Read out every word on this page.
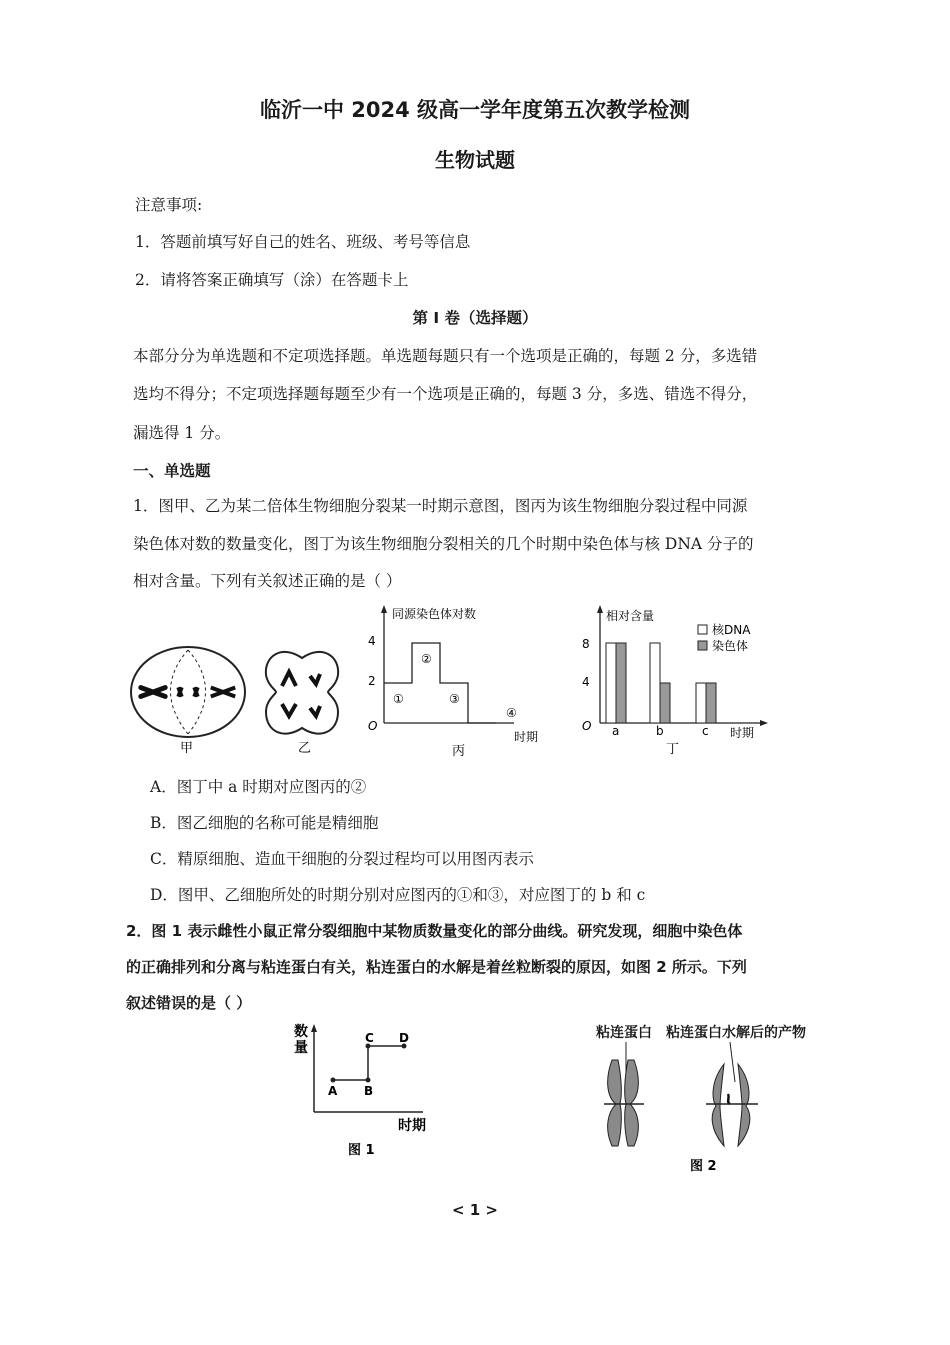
临沂一中 2024 级高一学年度第五次教学检测
生物试题
注意事项:
1．答题前填写好自己的姓名、班级、考号等信息
2．请将答案正确填写（涂）在答题卡上
第 I 卷（选择题）
本部分分为单选题和不定项选择题。单选题每题只有一个选项是正确的，每题 2 分，多选错
选均不得分；不定项选择题每题至少有一个选项是正确的，每题 3 分，多选、错选不得分，
漏选得 1 分。
一、单选题
1．图甲、乙为某二倍体生物细胞分裂某一时期示意图，图丙为该生物细胞分裂过程中同源
染色体对数的数量变化，图丁为该生物细胞分裂相关的几个时期中染色体与核 DNA 分子的
相对含量。下列有关叙述正确的是（ ）
甲	乙
同源染色体对数
4
2
O
①
②
③
④
时期
丙
相对含量
8
4
O
核DNA
染色体
a	b	c 时期
丁
A．图丁中 a 时期对应图丙的②
B．图乙细胞的名称可能是精细胞
C．精原细胞、造血干细胞的分裂过程均可以用图丙表示
D．图甲、乙细胞所处的时期分别对应图丙的①和③，对应图丁的 b 和 c
2．图 1 表示雌性小鼠正常分裂细胞中某物质数量变化的部分曲线。研究发现，细胞中染色体
的正确排列和分离与粘连蛋白有关，粘连蛋白的水解是着丝粒断裂的原因，如图 2 所示。下列
叙述错误的是（ ）
数
量
A B
C D
时期
图 1
粘连蛋白 粘连蛋白水解后的产物
图 2
< 1 >
